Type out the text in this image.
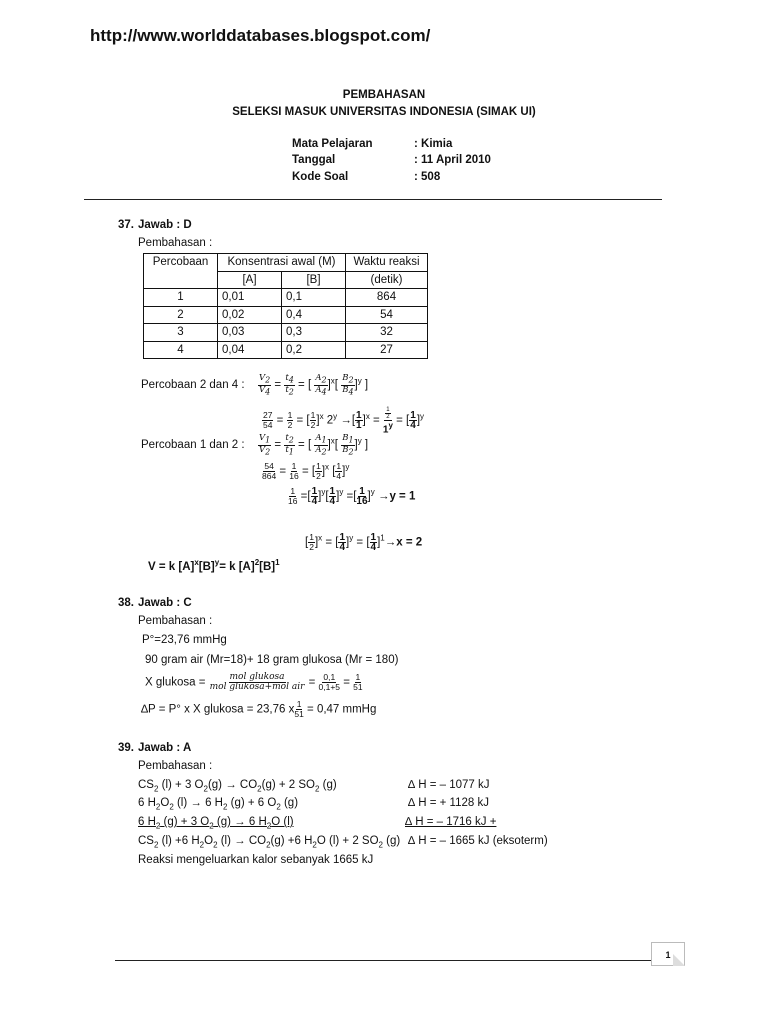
http://www.worlddatabases.blogspot.com/
PEMBAHASAN
SELEKSI MASUK UNIVERSITAS INDONESIA (SIMAK UI)
Mata Pelajaran	: Kimia
Tanggal	: 11 April 2010
Kode Soal	: 508
37. Jawab : D
Pembahasan :
Percobaan	Konsentrasi awal (M)		Waktu reaksi
	[A]	[B]	(detik)
1	0,01	0,1	864
2	0,02	0,4	54
3	0,03	0,3	32
4	0,04	0,2	27
Percobaan 2 dan 4 : $\frac{V_2}{V_4} = \frac{t_4}{t_2}$ = [ $\frac{A_2}{A_4} ]^x[ \frac{B_2}{B_4} ]^y$ ]
$\frac{27}{54} = \frac{1}{2}$ = [ $\frac{1}{2} ]^x$ $2^y$ →[ $\frac{1}{1} ]^x$ =
$\frac{1}{2}$
$1^y$ = [ $\frac{1}{4} ]^y$
Percobaan 1 dan 2 : $\frac{V_1}{V_2} = \frac{t_2}{t_1}$ = [ $\frac{A_1}{A_2} ]^x[ \frac{B_1}{B_2} ]^y$ ]
$\frac{54}{864} = \frac{1}{16}$ = [ $\frac{1}{2} ]^x$ [ $\frac{1}{4} ]^y$
$\frac{1}{16}$ =[ $\frac{1}{4} ]^y[ \frac{1}{4} ]^y$ =[ $\frac{1}{16} ]^y \to y = 1$
[ $\frac{1}{2} ]^x$ = [ $\frac{1}{4} ]^y$ = [ $\frac{1}{4} ]^1\to x = 2$
V = k $[A]^x[B]^y= k$ $[A]^2[B]^1$
38. Jawab : C
Pembahasan :
P°=23,76 mmHg
90 gram air (Mr=18)+ 18 gram glukosa (Mr = 180)
X glukosa = $\frac{\text{mol glukosa}}{\text{mol glukosa+mol air}} = \frac{0,1}{0,1+5} = \frac{1}{51}$
∆P = P° x X glukosa = 23,76 x $\frac{1}{51} = 0,47$ mmHg
39. Jawab : A
Pembahasan :
$CS_2$ (l) + 3 $O_2(g) \to CO_2(g) + 2$ $SO_2$ (g)	∆ H = – 1077 kJ
6 $H_2O_2$ (l) → 6 $H_2$ (g) + 6 $O_2$ (g)	∆ H = + 1128 kJ
6 $H_2$ (g) + 3 $O_2$ (g) → 6 $H_2O$ (l)	∆ H = – 1716 kJ +
$CS_2$ (l) +6 $H_2O_2$ $(l) \to CO_2(g) +6$ $H_2O$ (l) + 2 $SO_2$ (g) ∆ H = – 1665 kJ (eksoterm)
Reaksi mengeluarkan kalor sebanyak 1665 kJ
1
